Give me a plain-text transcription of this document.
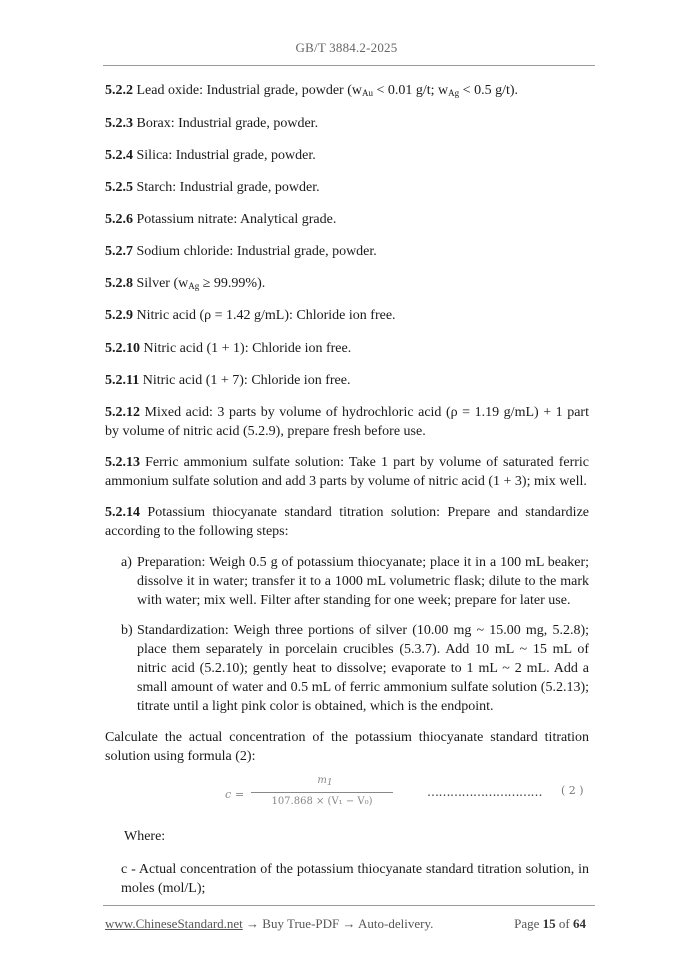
GB/T 3884.2-2025

5.2.2 Lead oxide: Industrial grade, powder ($w_{Au} < 0.01$ g/t; $w_{Ag} < 0.5$ g/t).

5.2.3 Borax: Industrial grade, powder.

5.2.4 Silica: Industrial grade, powder.

5.2.5 Starch: Industrial grade, powder.

5.2.6 Potassium nitrate: Analytical grade.

5.2.7 Sodium chloride: Industrial grade, powder.

5.2.8 Silver $(w_{Ag} \ge 99.99\%)$.

5.2.9 Nitric acid (ρ = 1.42 g/mL): Chloride ion free.

5.2.10 Nitric acid (1 + 1): Chloride ion free.

5.2.11 Nitric acid (1 + 7): Chloride ion free.

5.2.12 Mixed acid: 3 parts by volume of hydrochloric acid (ρ = 1.19 g/mL) + 1 part by volume of nitric acid (5.2.9), prepare fresh before use.

5.2.13 Ferric ammonium sulfate solution: Take 1 part by volume of saturated ferric ammonium sulfate solution and add 3 parts by volume of nitric acid (1 + 3); mix well.

5.2.14 Potassium thiocyanate standard titration solution: Prepare and standardize according to the following steps:

a) Preparation: Weigh 0.5 g of potassium thiocyanate; place it in a 100 mL beaker; dissolve it in water; transfer it to a 1000 mL volumetric flask; dilute to the mark with water; mix well. Filter after standing for one week; prepare for later use.
b) Standardization: Weigh three portions of silver (10.00 mg ~ 15.00 mg, 5.2.8); place them separately in porcelain crucibles (5.3.7). Add 10 mL ~ 15 mL of nitric acid (5.2.10); gently heat to dissolve; evaporate to 1 mL ~ 2 mL. Add a small amount of water and 0.5 mL of ferric ammonium sulfate solution (5.2.13); titrate until a light pink color is obtained, which is the endpoint.

Calculate the actual concentration of the potassium thiocyanate standard titration solution using formula (2):

c =
$m_1$
107.868 × (V₁ − V₀)
………………………… ( 2 )

Where:

c - Actual concentration of the potassium thiocyanate standard titration solution, in moles (mol/L);

www.ChineseStandard.net → Buy True-PDF → Auto-delivery.	Page 15 of 64
